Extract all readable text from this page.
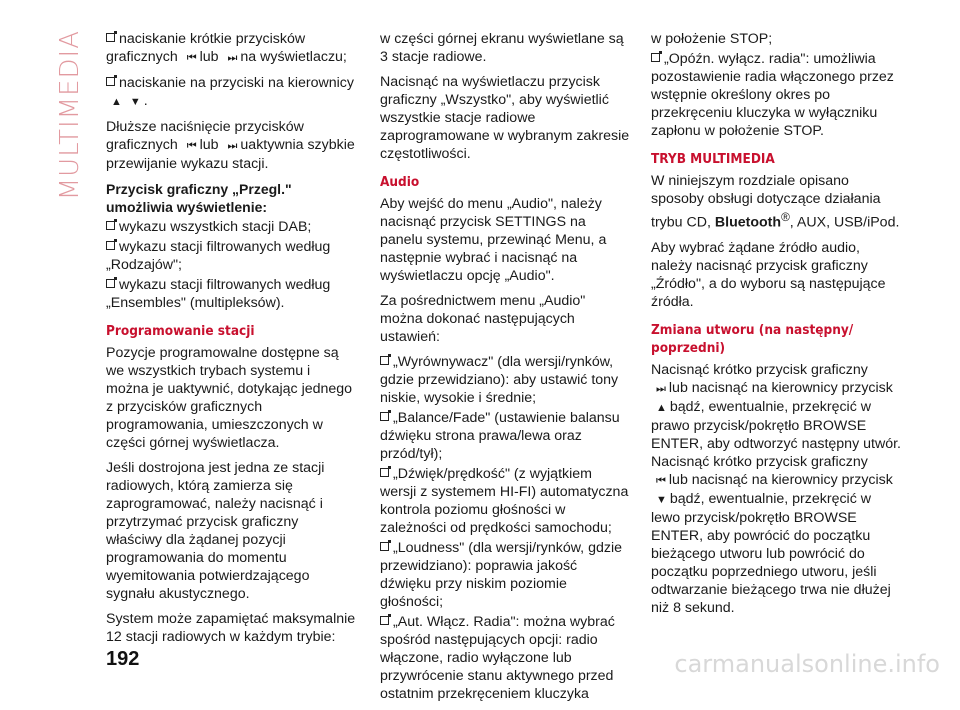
MULTIMEDIA	naciskanie krótkie przycisków graficznych ⏮ lub ⏭ na wyświetlaczu;

naciskanie na przyciski na kierownicy ▲ ▼ .

Dłuższe naciśnięcie przycisków graficznych ⏮ lub ⏭ uaktywnia szybkie przewijanie wykazu stacji.

Przycisk graficzny „Przegl." umożliwia wyświetlenie:

wykazu wszystkich stacji DAB;

wykazu stacji filtrowanych według „Rodzajów";

wykazu stacji filtrowanych według „Ensembles" (multipleksów).

Programowanie stacji

Pozycje programowalne dostępne są we wszystkich trybach systemu i można je uaktywnić, dotykając jednego z przycisków graficznych programowania, umieszczonych w części górnej wyświetlacza.

Jeśli dostrojona jest jedna ze stacji radiowych, którą zamierza się zaprogramować, należy nacisnąć i przytrzymać przycisk graficzny właściwy dla żądanej pozycji programowania do momentu wyemitowania potwierdzającego sygnału akustycznego.

System może zapamiętać maksymalnie 12 stacji radiowych w każdym trybie:

w części górnej ekranu wyświetlane są 3 stacje radiowe.

Nacisnąć na wyświetlaczu przycisk graficzny „Wszystko", aby wyświetlić wszystkie stacje radiowe zaprogramowane w wybranym zakresie częstotliwości.

Audio

Aby wejść do menu „Audio", należy nacisnąć przycisk SETTINGS na panelu systemu, przewinąć Menu, a następnie wybrać i nacisnąć na wyświetlaczu opcję „Audio".

Za pośrednictwem menu „Audio" można dokonać następujących ustawień:

„Wyrównywacz" (dla wersji/rynków, gdzie przewidziano): aby ustawić tony niskie, wysokie i średnie;

„Balance/Fade" (ustawienie balansu dźwięku strona prawa/lewa oraz przód/tył);

„Dźwięk/prędkość" (z wyjątkiem wersji z systemem HI-FI) automatyczna kontrola poziomu głośności w zależności od prędkości samochodu;

„Loudness" (dla wersji/rynków, gdzie przewidziano): poprawia jakość dźwięku przy niskim poziomie głośności;

„Aut. Włącz. Radia": można wybrać spośród następujących opcji: radio włączone, radio wyłączone lub przywrócenie stanu aktywnego przed ostatnim przekręceniem kluczyka

w położenie STOP;

„Opóźn. wyłącz. radia": umożliwia pozostawienie radia włączonego przez wstępnie określony okres po przekręceniu kluczyka w wyłączniku zapłonu w położenie STOP.

TRYB MULTIMEDIA

W niniejszym rozdziale opisano sposoby obsługi dotyczące działania trybu CD, Bluetooth®, AUX, USB/iPod.

Aby wybrać żądane źródło audio, należy nacisnąć przycisk graficzny „Źródło", a do wyboru są następujące źródła.

Zmiana utworu (na następny/ poprzedni)

Nacisnąć krótko przycisk graficzny ⏭ lub nacisnąć na kierownicy przycisk ▲ bądź, ewentualnie, przekręcić w prawo przycisk/pokrętło BROWSE ENTER, aby odtworzyć następny utwór. Nacisnąć krótko przycisk graficzny ⏮ lub nacisnąć na kierownicy przycisk ▼ bądź, ewentualnie, przekręcić w lewo przycisk/pokrętło BROWSE ENTER, aby powrócić do początku bieżącego utworu lub powrócić do początku poprzedniego utworu, jeśli odtwarzanie bieżącego trwa nie dłużej niż 8 sekund.

192	carmanualsonline.info
